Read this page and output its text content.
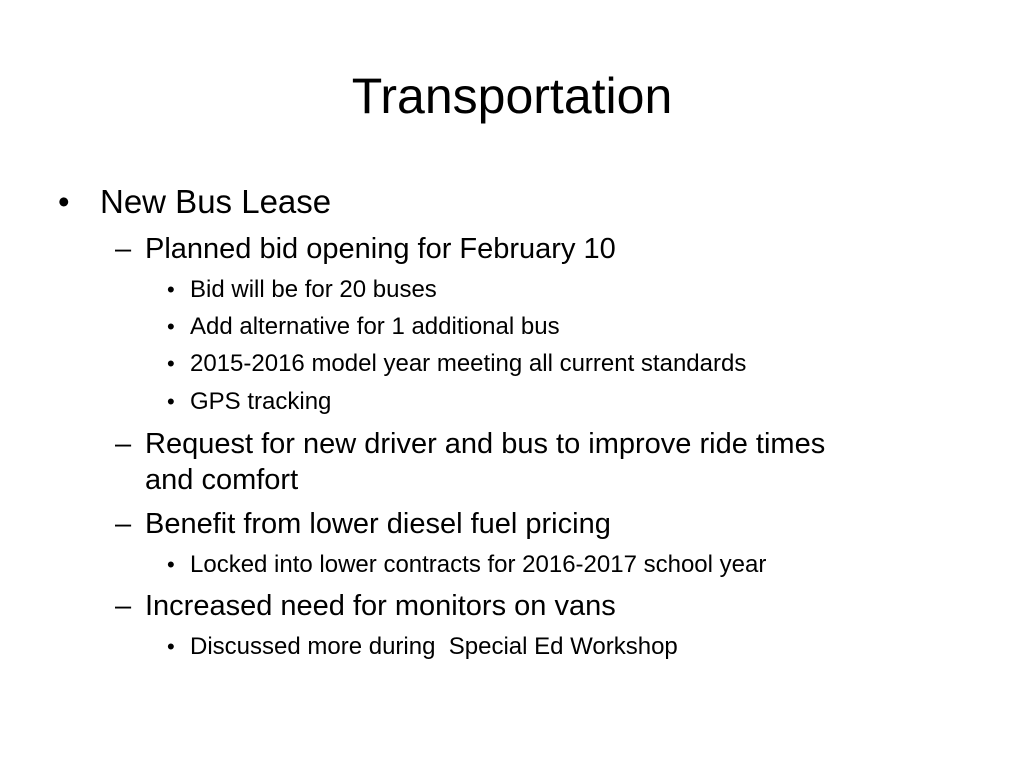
Transportation
• New Bus Lease
– Planned bid opening for February 10
• Bid will be for 20 buses
• Add alternative for 1 additional bus
• 2015-2016 model year meeting all current standards
• GPS tracking
– Request for new driver and bus to improve ride times
and comfort
– Benefit from lower diesel fuel pricing
• Locked into lower contracts for 2016-2017 school year
– Increased need for monitors on vans
• Discussed more during  Special Ed Workshop
